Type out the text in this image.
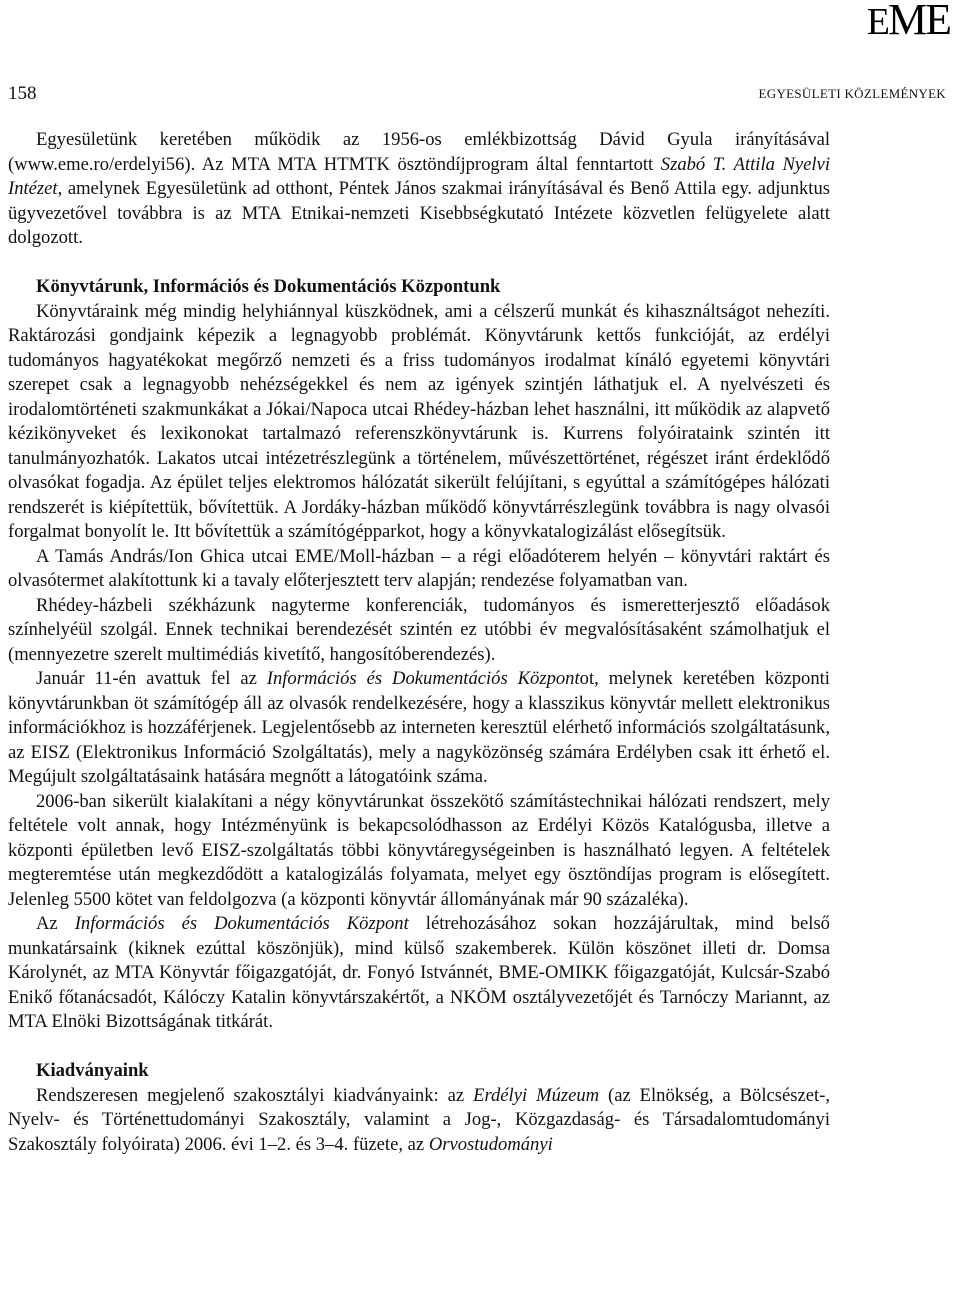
EME
158	EGYESÜLETI KÖZLEMÉNYEK

Egyesületünk keretében működik az 1956-os emlékbizottság Dávid Gyula irányításával (www.eme.ro/erdelyi56). Az MTA MTA HTMTK ösztöndíjprogram által fenntartott Szabó T. Attila Nyelvi Intézet, amelynek Egyesületünk ad otthont, Péntek János szakmai irányításával és Benő Attila egy. adjunktus ügyvezetővel továbbra is az MTA Etnikai-nemzeti Kisebbségkutató Intézete közvetlen felügyelete alatt dolgozott.

Könyvtárunk, Információs és Dokumentációs Központunk

Könyvtáraink még mindig helyhiánnyal küszködnek, ami a célszerű munkát és kihasználtságot nehezíti. Raktározási gondjaink képezik a legnagyobb problémát. Könyvtárunk kettős funkcióját, az erdélyi tudományos hagyatékokat megőrző nemzeti és a friss tudományos irodalmat kínáló egyetemi könyvtári szerepet csak a legnagyobb nehézségekkel és nem az igények szintjén láthatjuk el. A nyelvészeti és irodalomtörténeti szakmunkákat a Jókai/Napoca utcai Rhédey-házban lehet használni, itt működik az alapvető kézikönyveket és lexikonokat tartalmazó referenszkönyvtárunk is. Kurrens folyóirataink szintén itt tanulmányozhatók. Lakatos utcai intézetrészlegünk a történelem, művészettörténet, régészet iránt érdeklődő olvasókat fogadja. Az épület teljes elektromos hálózatát sikerült felújítani, s egyúttal a számítógépes hálózati rendszerét is kiépítettük, bővítettük. A Jordáky-házban működő könyvtárrészlegünk továbbra is nagy olvasói forgalmat bonyolít le. Itt bővítettük a számítógépparkot, hogy a könyvkatalogizálást elősegítsük.

A Tamás András/Ion Ghica utcai EME/Moll-házban – a régi előadóterem helyén – könyvtári raktárt és olvasótermet alakítottunk ki a tavaly előterjesztett terv alapján; rendezése folyamatban van.

Rhédey-házbeli székházunk nagyterme konferenciák, tudományos és ismeretterjesztő előadások színhelyéül szolgál. Ennek technikai berendezését szintén ez utóbbi év megvalósításaként számolhatjuk el (mennyezetre szerelt multimédiás kivetítő, hangosítóberendezés).

Január 11-én avattuk fel az Információs és Dokumentációs Központot, melynek keretében központi könyvtárunkban öt számítógép áll az olvasók rendelkezésére, hogy a klasszikus könyvtár mellett elektronikus információkhoz is hozzáférjenek. Legjelentősebb az interneten keresztül elérhető információs szolgáltatásunk, az EISZ (Elektronikus Információ Szolgáltatás), mely a nagyközönség számára Erdélyben csak itt érhető el. Megújult szolgáltatásaink hatására megnőtt a látogatóink száma.

2006-ban sikerült kialakítani a négy könyvtárunkat összekötő számítástechnikai hálózati rendszert, mely feltétele volt annak, hogy Intézményünk is bekapcsolódhasson az Erdélyi Közös Katalógusba, illetve a központi épületben levő EISZ-szolgáltatás többi könyvtáregységeinben is használható legyen. A feltételek megteremtése után megkezdődött a katalogizálás folyamata, melyet egy ösztöndíjas program is elősegített. Jelenleg 5500 kötet van feldolgozva (a központi könyvtár állományának már 90 százaléka).

Az Információs és Dokumentációs Központ létrehozásához sokan hozzájárultak, mind belső munkatársaink (kiknek ezúttal köszönjük), mind külső szakemberek. Külön köszönet illeti dr. Domsa Károlynét, az MTA Könyvtár főigazgatóját, dr. Fonyó Istvánnét, BME-OMIKK főigazgatóját, Kulcsár-Szabó Enikő főtanácsadót, Kálóczy Katalin könyvtárszakértőt, a NKÖM osztályvezetőjét és Tarnóczy Mariannt, az MTA Elnöki Bizottságának titkárát.

Kiadványaink

Rendszeresen megjelenő szakosztályi kiadványaink: az Erdélyi Múzeum (az Elnökség, a Bölcsészet-, Nyelv- és Történettudományi Szakosztály, valamint a Jog-, Közgazdaság- és Társadalomtudományi Szakosztály folyóirata) 2006. évi 1–2. és 3–4. füzete, az Orvostudományi
